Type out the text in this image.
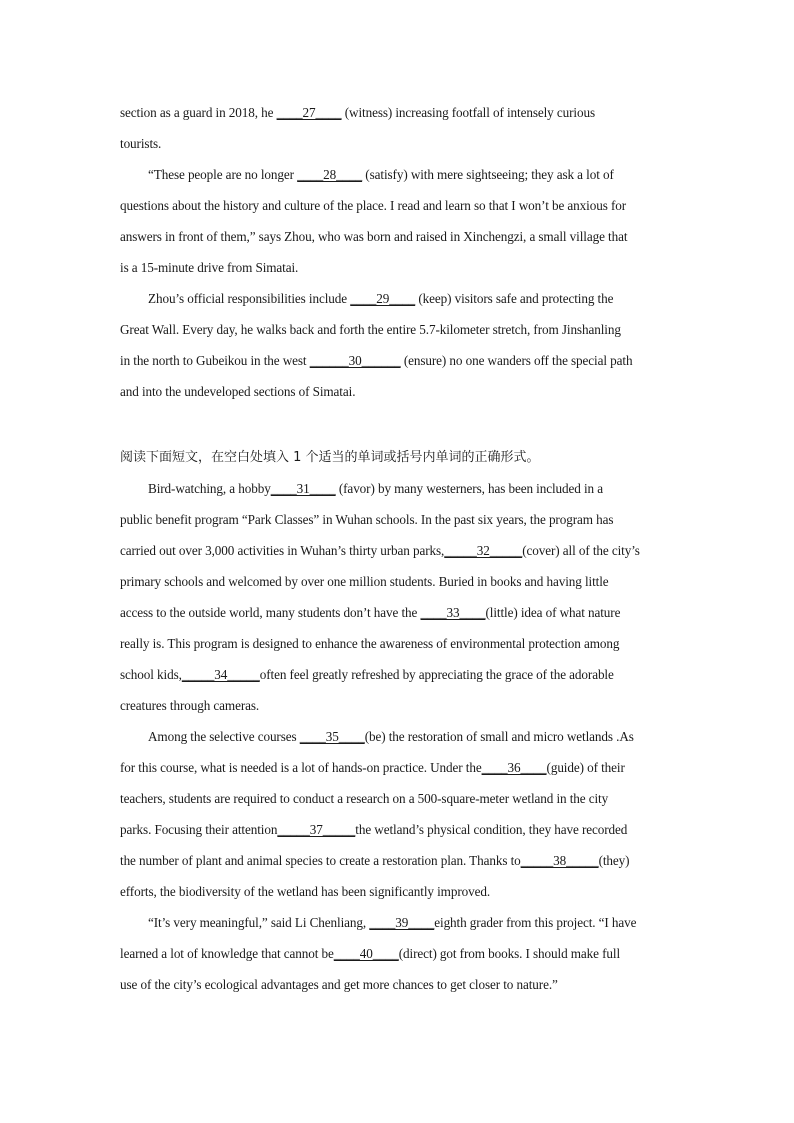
section as a guard in 2018, he ____27____ (witness) increasing footfall of intensely curious
tourists.
“These people are no longer ____28____ (satisfy) with mere sightseeing; they ask a lot of
questions about the history and culture of the place. I read and learn so that I won’t be anxious for
answers in front of them,” says Zhou, who was born and raised in Xinchengzi, a small village that
is a 15-minute drive from Simatai.
Zhou’s official responsibilities include ____29____ (keep) visitors safe and protecting the
Great Wall. Every day, he walks back and forth the entire 5.7-kilometer stretch, from Jinshanling
in the north to Gubeikou in the west ______30______ (ensure) no one wanders off the special path
and into the undeveloped sections of Simatai.
阅读下面短文，在空白处填入 1 个适当的单词或括号内单词的正确形式。
Bird-watching, a hobby____31____ (favor) by many westerners, has been included in a
public benefit program “Park Classes” in Wuhan schools. In the past six years, the program has
carried out over 3,000 activities in Wuhan’s thirty urban parks,_____32_____(cover) all of the city’s
primary schools and welcomed by over one million students. Buried in books and having little
access to the outside world, many students don’t have the ____33____(little) idea of what nature
really is. This program is designed to enhance the awareness of environmental protection among
school kids,_____34_____often feel greatly refreshed by appreciating the grace of the adorable
creatures through cameras.
Among the selective courses ____35____(be) the restoration of small and micro wetlands .As
for this course, what is needed is a lot of hands-on practice. Under the____36____(guide) of their
teachers, students are required to conduct a research on a 500-square-meter wetland in the city
parks. Focusing their attention_____37_____the wetland’s physical condition, they have recorded
the number of plant and animal species to create a restoration plan. Thanks to_____38_____(they)
efforts, the biodiversity of the wetland has been significantly improved.
“It’s very meaningful,” said Li Chenliang, ____39____eighth grader from this project. “I have
learned a lot of knowledge that cannot be____40____(direct) got from books. I should make full
use of the city’s ecological advantages and get more chances to get closer to nature.”
